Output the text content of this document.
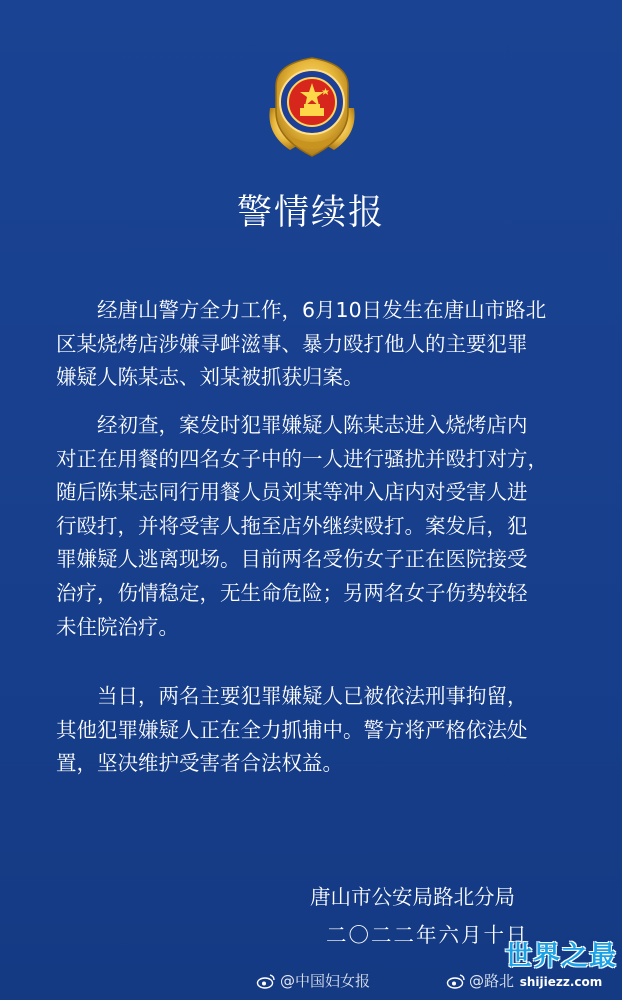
警情续报

　　经唐山警方全力工作，6月10日发生在唐山市路北
区某烧烤店涉嫌寻衅滋事、暴力殴打他人的主要犯罪
嫌疑人陈某志、刘某被抓获归案。

　　经初查，案发时犯罪嫌疑人陈某志进入烧烤店内
对正在用餐的四名女子中的一人进行骚扰并殴打对方，
随后陈某志同行用餐人员刘某等冲入店内对受害人进
行殴打，并将受害人拖至店外继续殴打。案发后，犯
罪嫌疑人逃离现场。目前两名受伤女子正在医院接受
治疗，伤情稳定，无生命危险；另两名女子伤势较轻
未住院治疗。

　　当日，两名主要犯罪嫌疑人已被依法刑事拘留，
其他犯罪嫌疑人正在全力抓捕中。警方将严格依法处
置，坚决维护受害者合法权益。

唐山市公安局路北分局
二〇二二年六月十日
@中国妇女报	@路北
世界之最
shijiezz.com
